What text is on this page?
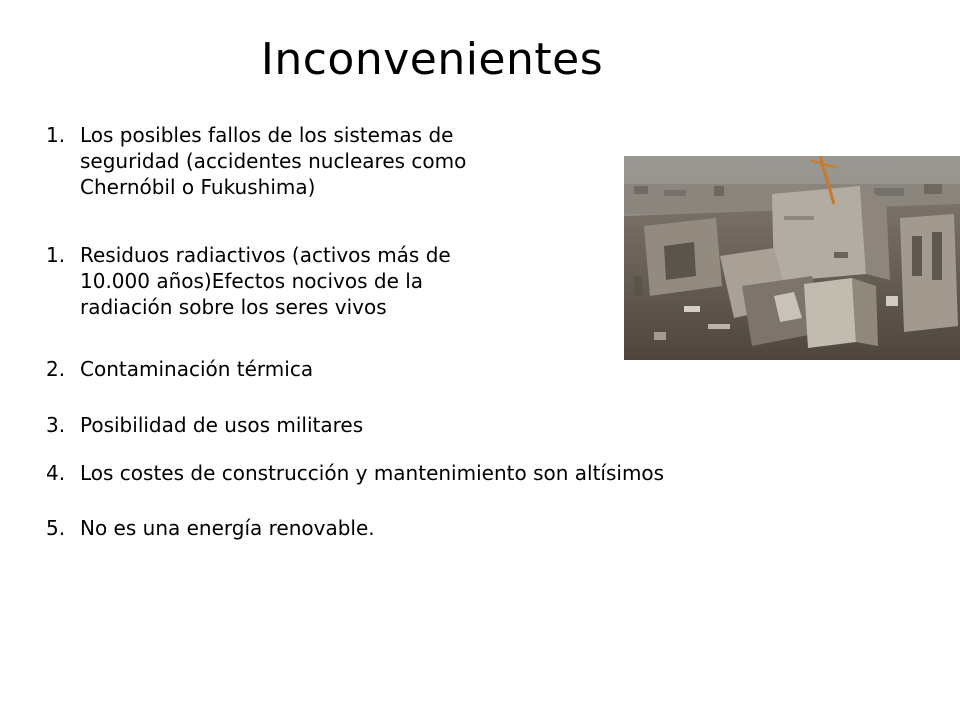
Inconvenientes
1. Los posibles fallos de los sistemas de
seguridad (accidentes nucleares como
Chernóbil o Fukushima)
1. Residuos radiactivos (activos más de
10.000 años)Efectos nocivos de la
radiación sobre los seres vivos
2. Contaminación térmica
3. Posibilidad de usos militares
4. Los costes de construcción y mantenimiento son altísimos
5. No es una energía renovable.
